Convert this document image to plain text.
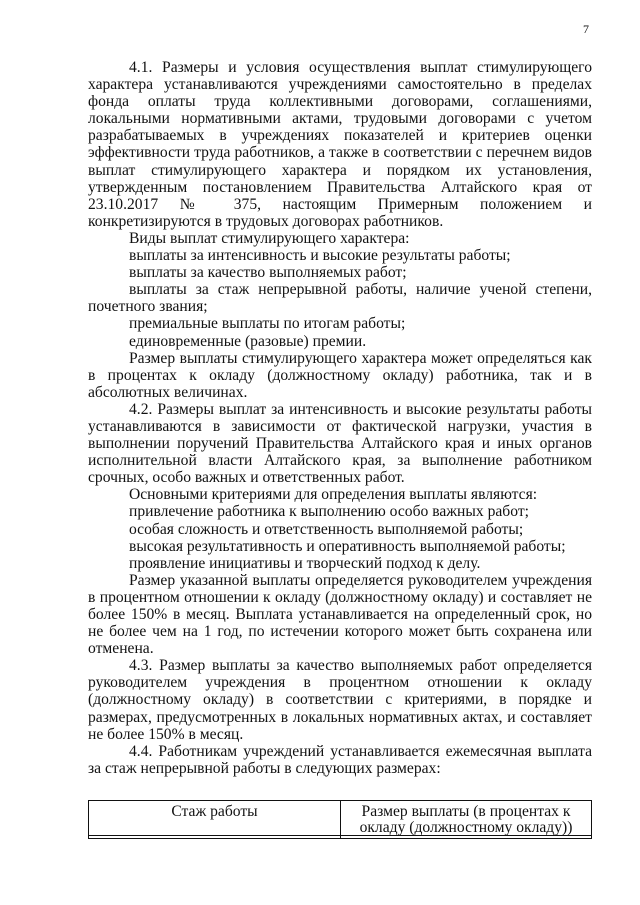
7

4.1. Размеры и условия осуществления выплат стимулирующего характера устанавливаются учреждениями самостоятельно в пределах фонда оплаты труда коллективными договорами, соглашениями, локальными нормативными актами, трудовыми договорами с учетом разрабатываемых в учреждениях показателей и критериев оценки эффективности труда работников, а также в соответствии с перечнем видов выплат стимулирующего характера и порядком их установления, утвержденным постановлением Правительства Алтайского края от 23.10.2017 № 375, настоящим Примерным положением и конкретизируются в трудовых договорах работников.

Виды выплат стимулирующего характера:

выплаты за интенсивность и высокие результаты работы;

выплаты за качество выполняемых работ;

выплаты за стаж непрерывной работы, наличие ученой степени, почетного звания;

премиальные выплаты по итогам работы;

единовременные (разовые) премии.

Размер выплаты стимулирующего характера может определяться как в процентах к окладу (должностному окладу) работника, так и в абсолютных величинах.

4.2. Размеры выплат за интенсивность и высокие результаты работы устанавливаются в зависимости от фактической нагрузки, участия в выполнении поручений Правительства Алтайского края и иных органов исполнительной власти Алтайского края, за выполнение работником срочных, особо важных и ответственных работ.

Основными критериями для определения выплаты являются:

привлечение работника к выполнению особо важных работ;

особая сложность и ответственность выполняемой работы;

высокая результативность и оперативность выполняемой работы;

проявление инициативы и творческий подход к делу.

Размер указанной выплаты определяется руководителем учреждения в процентном отношении к окладу (должностному окладу) и составляет не более 150% в месяц. Выплата устанавливается на определенный срок, но не более чем на 1 год, по истечении которого может быть сохранена или отменена.

4.3. Размер выплаты за качество выполняемых работ определяется руководителем учреждения в процентном отношении к окладу (должностному окладу) в соответствии с критериями, в порядке и размерах, предусмотренных в локальных нормативных актах, и составляет не более 150% в месяц.

4.4. Работникам учреждений устанавливается ежемесячная выплата за стаж непрерывной работы в следующих размерах:

Стаж работы	Размер выплаты (в процентах к окладу (должностному окладу))
